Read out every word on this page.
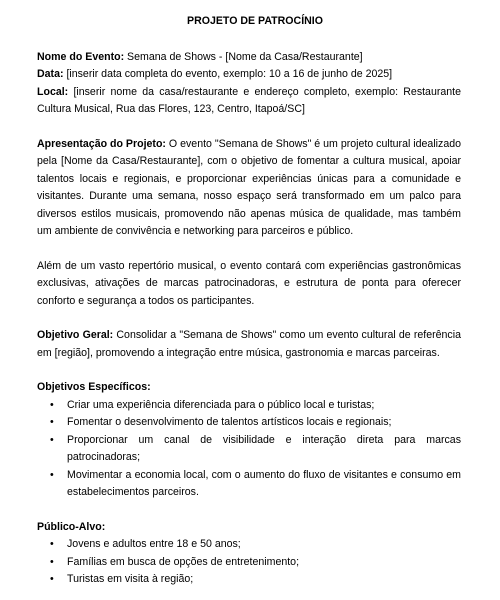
PROJETO DE PATROCÍNIO

Nome do Evento: Semana de Shows - [Nome da Casa/Restaurante]

Data: [inserir data completa do evento, exemplo: 10 a 16 de junho de 2025]

Local: [inserir nome da casa/restaurante e endereço completo, exemplo: Restaurante Cultura Musical, Rua das Flores, 123, Centro, Itapoá/SC]

Apresentação do Projeto: O evento "Semana de Shows" é um projeto cultural idealizado pela [Nome da Casa/Restaurante], com o objetivo de fomentar a cultura musical, apoiar talentos locais e regionais, e proporcionar experiências únicas para a comunidade e visitantes. Durante uma semana, nosso espaço será transformado em um palco para diversos estilos musicais, promovendo não apenas música de qualidade, mas também um ambiente de convivência e networking para parceiros e público.

Além de um vasto repertório musical, o evento contará com experiências gastronômicas exclusivas, ativações de marcas patrocinadoras, e estrutura de ponta para oferecer conforto e segurança a todos os participantes.

Objetivo Geral: Consolidar a "Semana de Shows" como um evento cultural de referência em [região], promovendo a integração entre música, gastronomia e marcas parceiras.

Objetivos Específicos:

• Criar uma experiência diferenciada para o público local e turistas;
• Fomentar o desenvolvimento de talentos artísticos locais e regionais;
• Proporcionar um canal de visibilidade e interação direta para marcas patrocinadoras;
• Movimentar a economia local, com o aumento do fluxo de visitantes e consumo em estabelecimentos parceiros.

Público-Alvo:

• Jovens e adultos entre 18 e 50 anos;
• Famílias em busca de opções de entretenimento;
• Turistas em visita à região;
